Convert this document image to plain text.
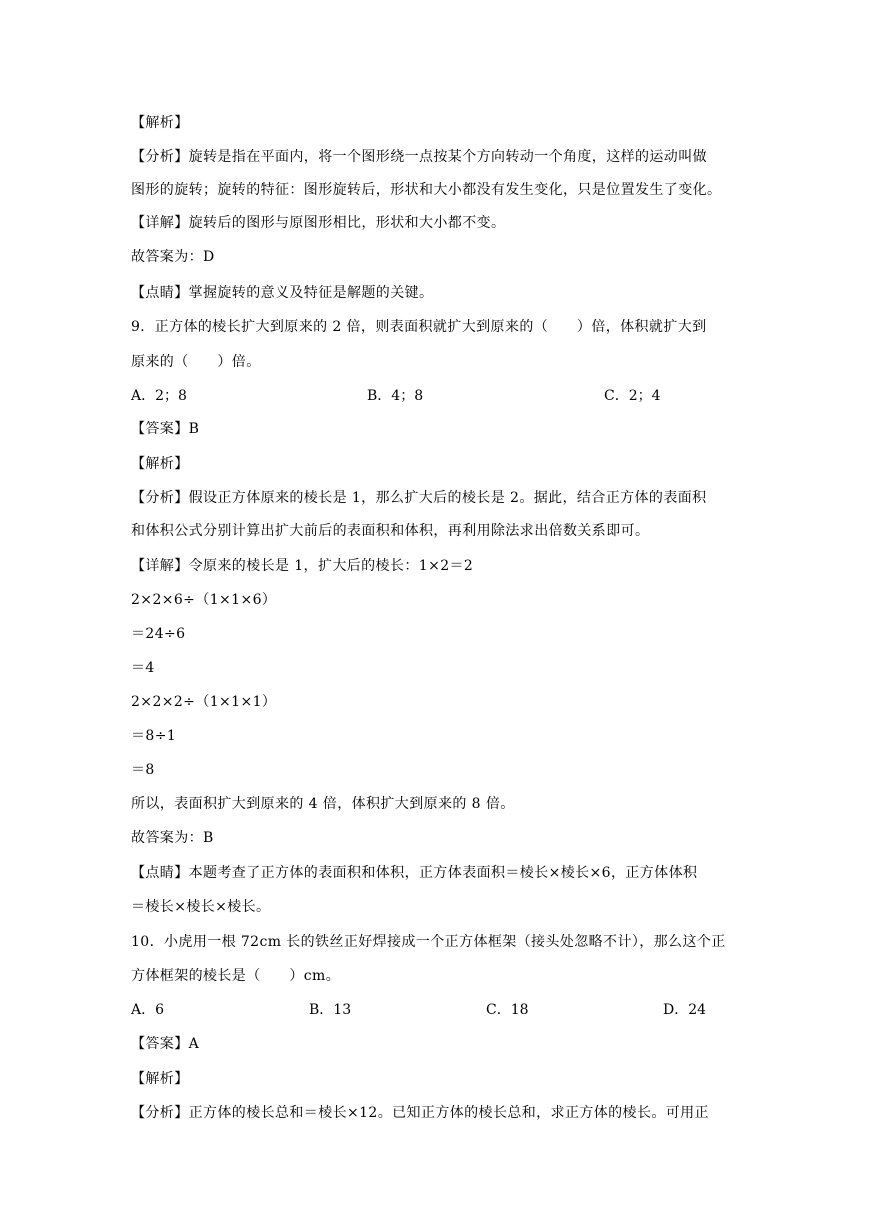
【解析】
【分析】旋转是指在平面内，将一个图形绕一点按某个方向转动一个角度，这样的运动叫做
图形的旋转；旋转的特征：图形旋转后，形状和大小都没有发生变化，只是位置发生了变化。
【详解】旋转后的图形与原图形相比，形状和大小都不变。
故答案为：D
【点睛】掌握旋转的意义及特征是解题的关键。
9．正方体的棱长扩大到原来的 2 倍，则表面积就扩大到原来的（　　）倍，体积就扩大到
原来的（　　）倍。
A．2；8	B．4；8	C．2；4
【答案】B
【解析】
【分析】假设正方体原来的棱长是 1，那么扩大后的棱长是 2。据此，结合正方体的表面积
和体积公式分别计算出扩大前后的表面积和体积，再利用除法求出倍数关系即可。
【详解】令原来的棱长是 1，扩大后的棱长：1×2＝2
2×2×6÷（1×1×6）
＝24÷6
＝4
2×2×2÷（1×1×1）
＝8÷1
＝8
所以，表面积扩大到原来的 4 倍，体积扩大到原来的 8 倍。
故答案为：B
【点睛】本题考查了正方体的表面积和体积，正方体表面积＝棱长×棱长×6，正方体体积
＝棱长×棱长×棱长。
10．小虎用一根 72cm 长的铁丝正好焊接成一个正方体框架（接头处忽略不计），那么这个正
方体框架的棱长是（　　）cm。
A．6	B．13	C．18	D．24
【答案】A
【解析】
【分析】正方体的棱长总和＝棱长×12。已知正方体的棱长总和，求正方体的棱长。可用正
